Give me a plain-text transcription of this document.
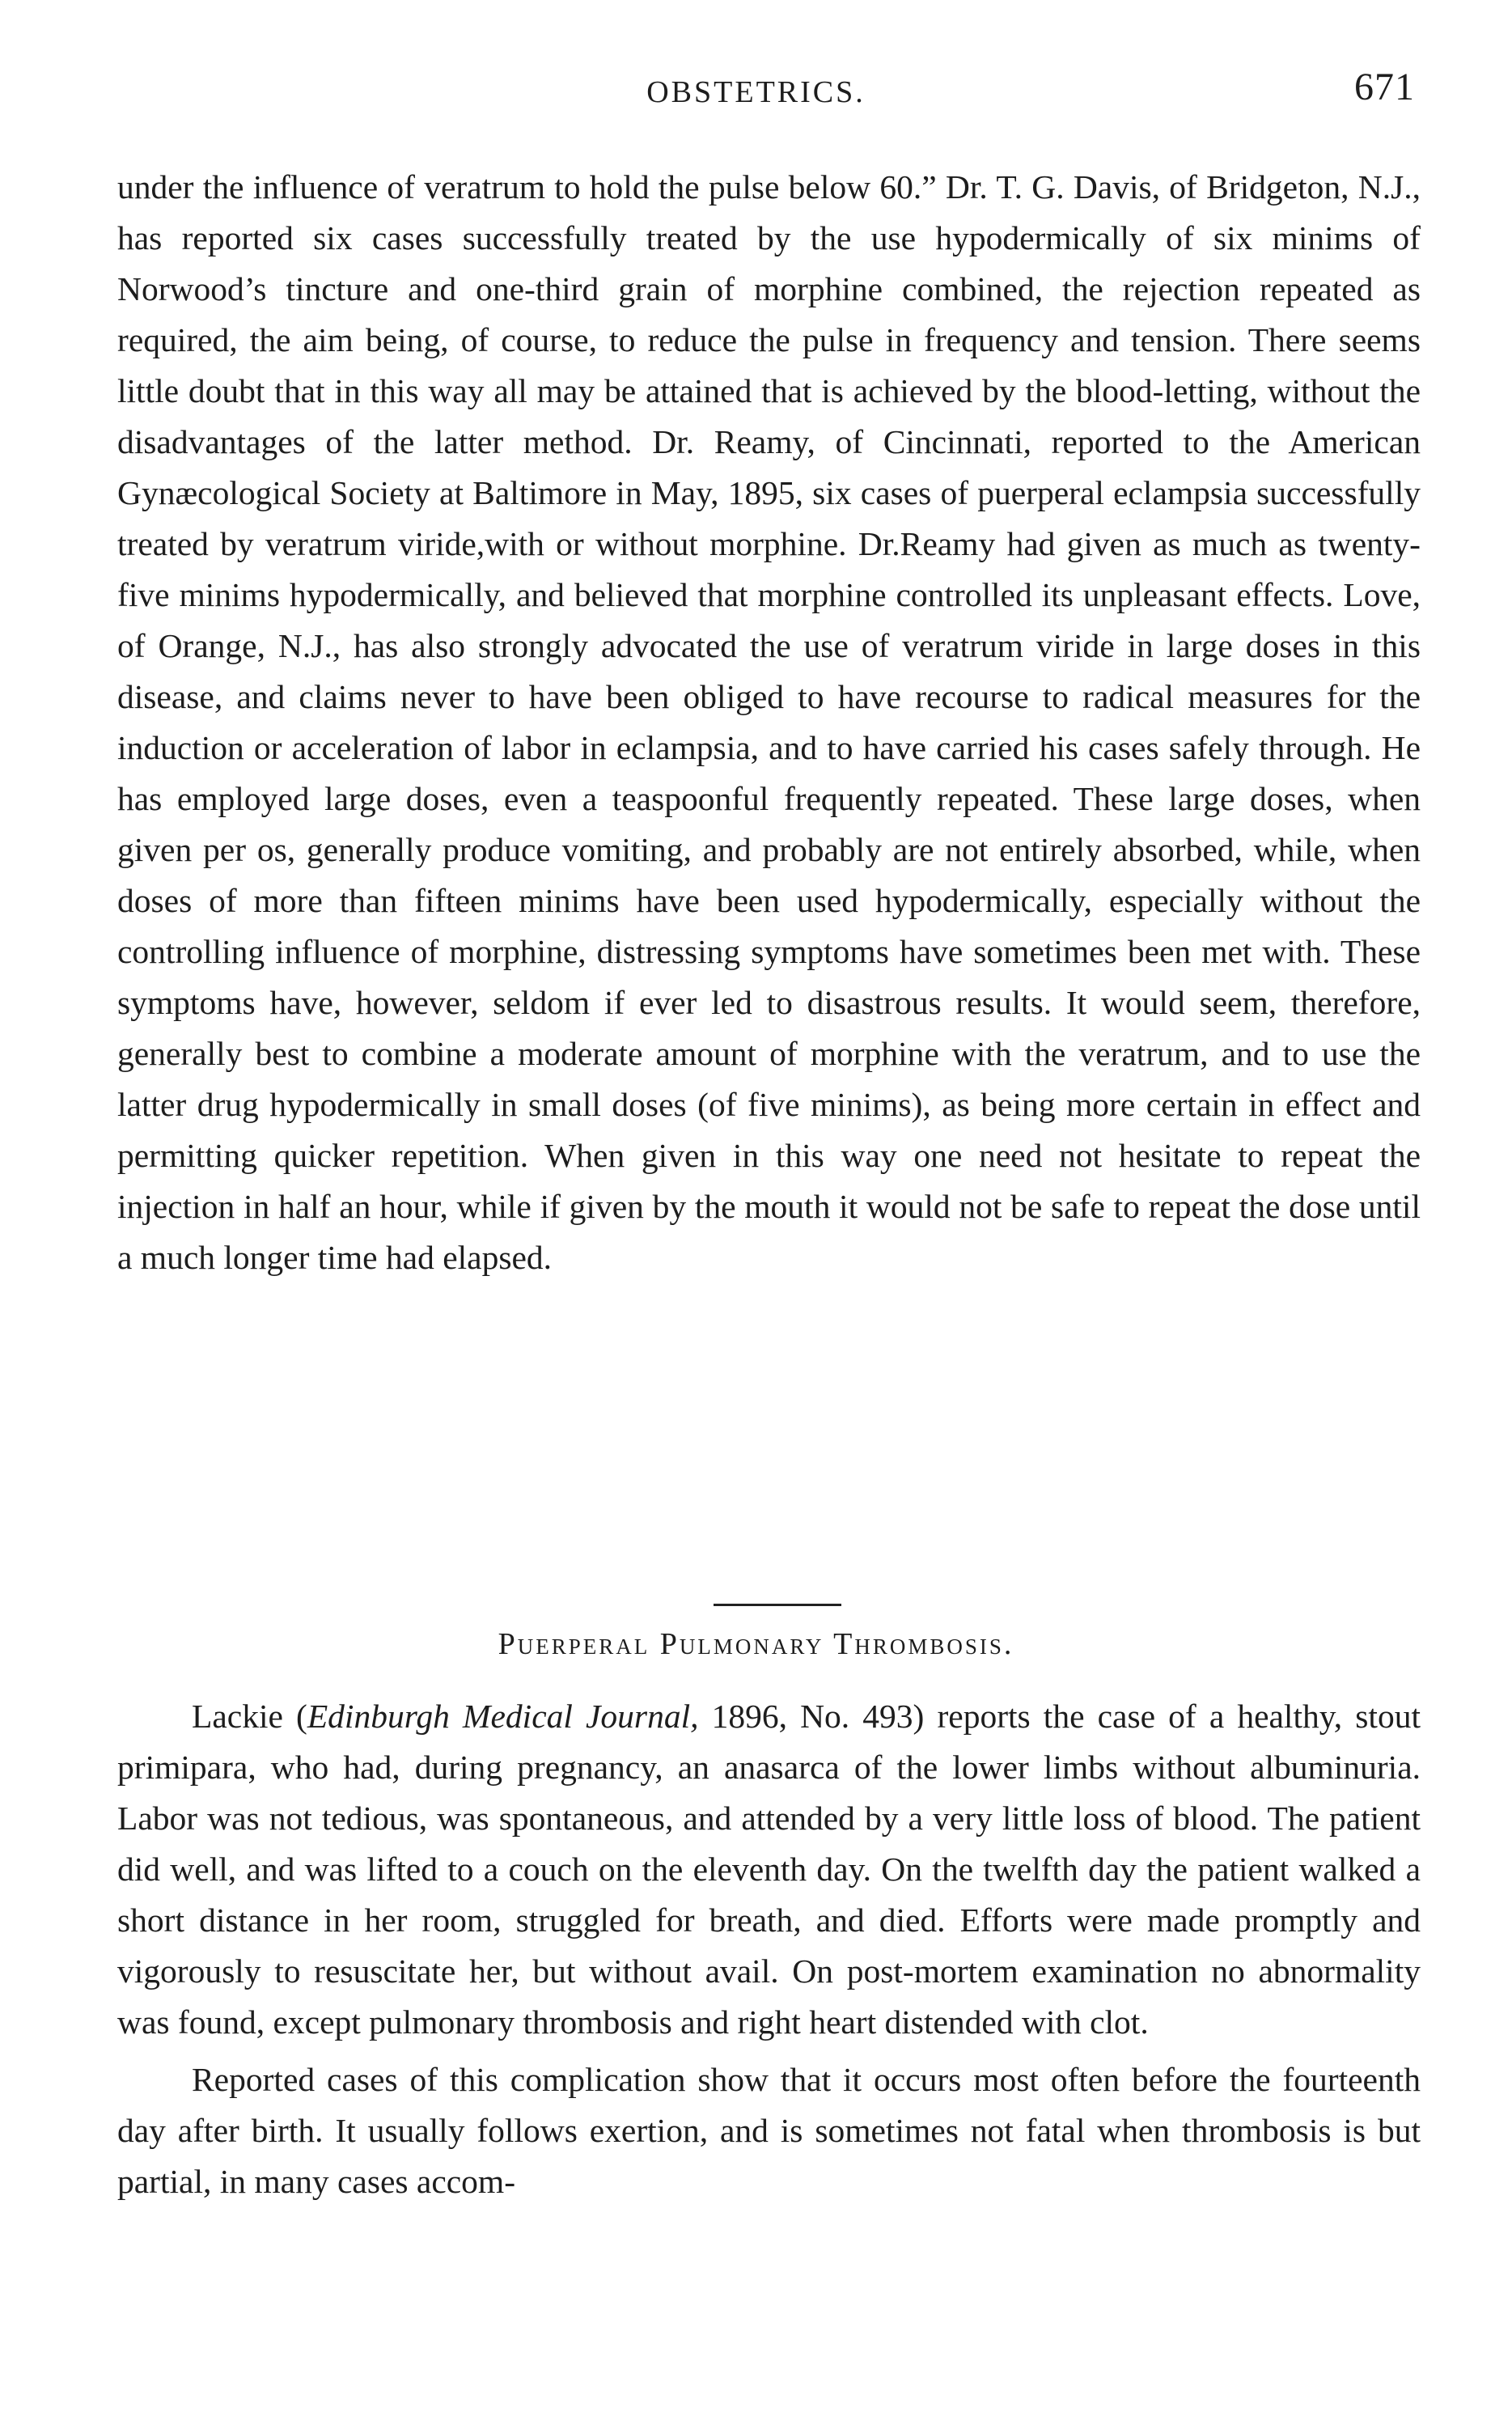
OBSTETRICS.	671

under the influence of veratrum to hold the pulse below 60.” Dr. T. G. Davis, of Bridgeton, N.J., has reported six cases successfully treated by the use hypodermically of six minims of Norwood’s tincture and one-third grain of morphine combined, the rejection repeated as required, the aim being, of course, to reduce the pulse in frequency and tension. There seems little doubt that in this way all may be attained that is achieved by the blood-letting, without the disadvantages of the latter method. Dr. Reamy, of Cincinnati, reported to the American Gynæcological Society at Baltimore in May, 1895, six cases of puerperal eclampsia successfully treated by veratrum viride,with or without morphine. Dr.Reamy had given as much as twenty-five minims hypodermically, and believed that morphine controlled its unpleasant effects. Love, of Orange, N.J., has also strongly advocated the use of veratrum viride in large doses in this disease, and claims never to have been obliged to have recourse to radical measures for the induction or acceleration of labor in eclampsia, and to have carried his cases safely through. He has employed large doses, even a teaspoonful frequently repeated. These large doses, when given per os, generally produce vomiting, and probably are not entirely absorbed, while, when doses of more than fifteen minims have been used hypodermically, especially without the controlling influence of morphine, distressing symptoms have sometimes been met with. These symptoms have, however, seldom if ever led to disastrous results. It would seem, therefore, generally best to combine a moderate amount of morphine with the veratrum, and to use the latter drug hypodermically in small doses (of five minims), as being more certain in effect and permitting quicker repetition. When given in this way one need not hesitate to repeat the injection in half an hour, while if given by the mouth it would not be safe to repeat the dose until a much longer time had elapsed.

Puerperal Pulmonary Thrombosis.

Lackie (Edinburgh Medical Journal, 1896, No. 493) reports the case of a healthy, stout primipara, who had, during pregnancy, an anasarca of the lower limbs without albuminuria. Labor was not tedious, was spontaneous, and attended by a very little loss of blood. The patient did well, and was lifted to a couch on the eleventh day. On the twelfth day the patient walked a short distance in her room, struggled for breath, and died. Efforts were made promptly and vigorously to resuscitate her, but without avail. On post-mortem examination no abnormality was found, except pulmonary thrombosis and right heart distended with clot.

Reported cases of this complication show that it occurs most often before the fourteenth day after birth. It usually follows exertion, and is sometimes not fatal when thrombosis is but partial, in many cases accom-
